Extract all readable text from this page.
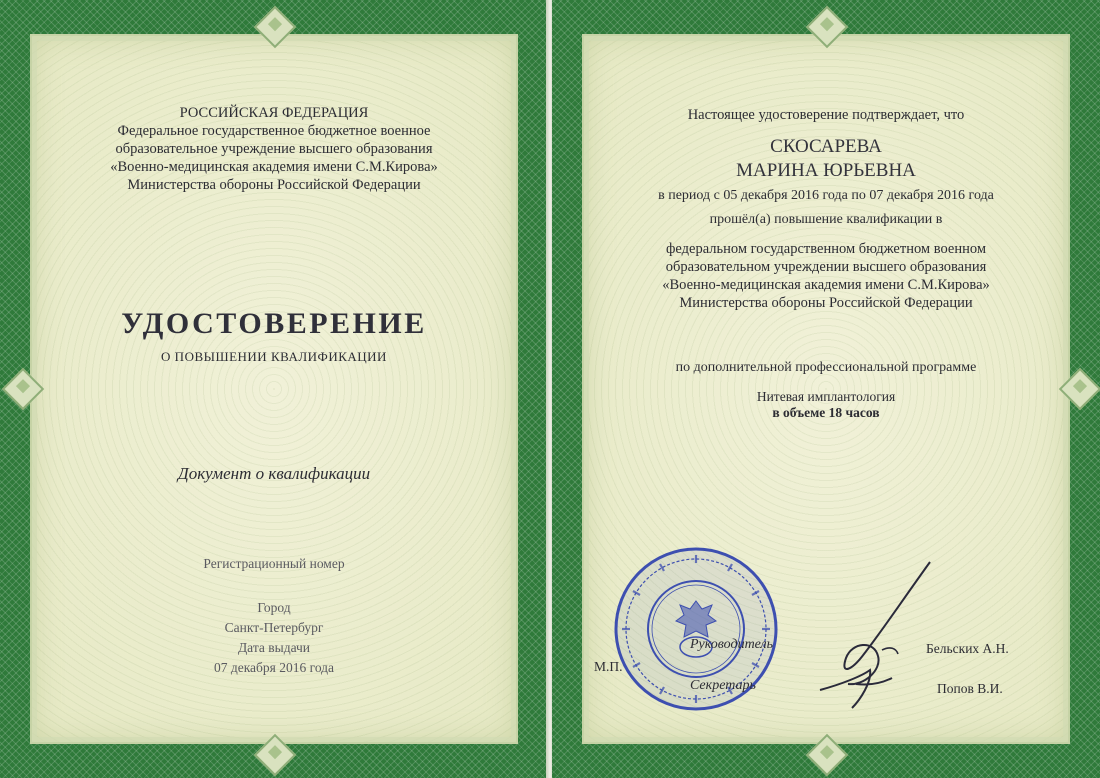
РОССИЙСКАЯ ФЕДЕРАЦИЯ
Федеральное государственное бюджетное военное
образовательное учреждение высшего образования
«Военно-медицинская академия имени С.М.Кирова»
Министерства обороны Российской Федерации

УДОСТОВЕРЕНИЕ

О ПОВЫШЕНИИ КВАЛИФИКАЦИИ

Документ о квалификации

Регистрационный номер

Город
Санкт-Петербург
Дата выдачи
07 декабря 2016 года

Настоящее удостоверение подтверждает, что

СКОСАРЕВА

МАРИНА ЮРЬЕВНА

в период с 05 декабря 2016 года по 07 декабря 2016 года

прошёл(а) повышение квалификации в

федеральном государственном бюджетном военном
образовательном учреждении высшего образования
«Военно-медицинская академия имени С.М.Кирова»
Министерства обороны Российской Федерации

по дополнительной профессиональной программе

Нитевая имплантология
в объеме 18 часов
М.П.
Руководитель
Секретарь
Бельских А.Н.
Попов В.И.
